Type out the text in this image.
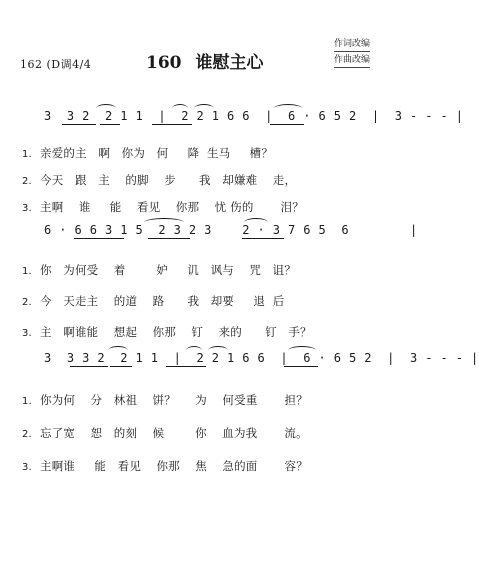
162 (D调4/4	160 谁慰主心
作词改编
作曲改编
3  3 2  2 1 1  |  2 2 1 6 6  |  6 · 6 5 2  |  3 - - - |
1. 亲爱的主   啊   你为   何     降  生马     槽？
2. 今天   跟   主    的脚    步      我   却嫌难    走，
3. 主啊    谁     能    看见    你那    忧 伤的       泪？
6 · 6 6 3 1 5  2 3 2 3    2 · 3 7 6 5  6        |
1. 你   为何受    着        妒     讥   讽与    咒   诅？
2. 今   天走主    的道    路      我   却要     退  后
3. 主   啊谁能    想起    你那    钉    来的      钉   手？
3  3 3 2  2 1 1  |  2 2 1 6 6  |  6 · 6 5 2  |  3 - - - |
1. 你为何    分   林祖    饼？     为    何受重       担？
2. 忘了宽    恕   的刻    候        你    血为我       流。
3. 主啊谁     能   看见    你那    焦    急的面       容？
